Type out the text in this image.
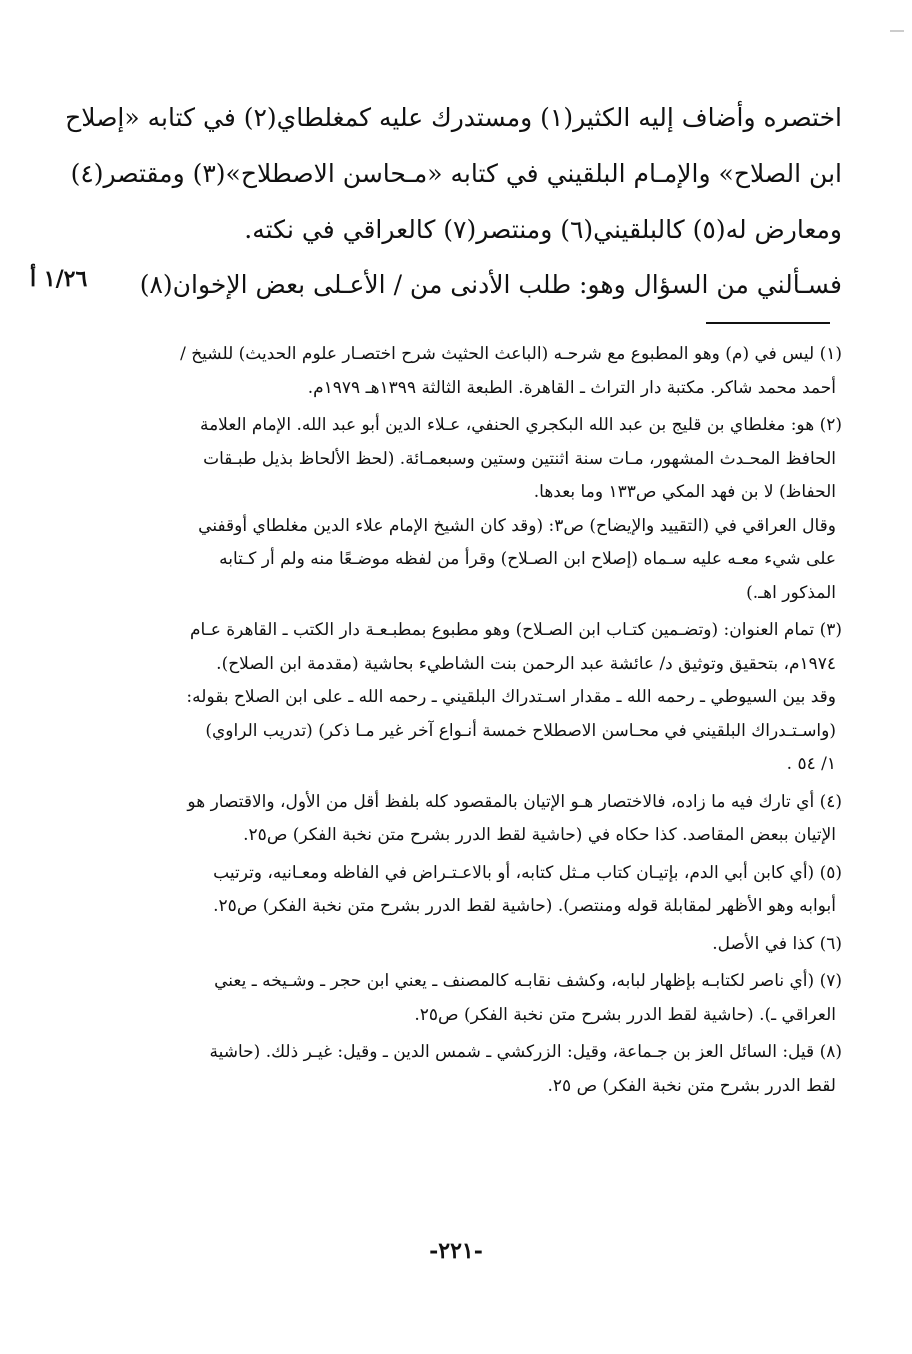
اختصره وأضاف إليه الكثير(١) ومستدرك عليه كمغلطاي(٢) في كتابه «إصلاح
ابن الصلاح» والإمـام البلقيني في كتابه «مـحاسن الاصطلاح»(٣) ومقتصر(٤)
ومعارض له(٥) كالبلقيني(٦) ومنتصر(٧) كالعراقي في نكته.
فسـألني من السؤال وهو: طلب الأدنى من / الأعـلى بعض الإخوان(٨)
١/٢٦ أ
(١) ليس في (م) وهو المطبوع مع شرحـه (الباعث الحثيث شرح اختصـار علوم الحديث) للشيخ /
أحمد محمد شاكر. مكتبة دار التراث ـ القاهرة. الطبعة الثالثة ١٣٩٩هـ ١٩٧٩م.
(٢) هو: مغلطاي بن قليج بن عبد الله البكجري الحنفي، عـلاء الدين أبو عبد الله. الإمام العلامة
الحافظ المحـدث المشهور، مـات سنة اثنتين وستين وسبعمـائة. (لحظ الألحاظ بذيل طبـقات
الحفاظ) لا بن فهد المكي ص١٣٣ وما بعدها.
وقال العراقي في (التقييد والإيضاح) ص٣: (وقد كان الشيخ الإمام علاء الدين مغلطاي أوقفني
على شيء معـه عليه سـماه (إصلاح ابن الصـلاح) وقرأ من لفظه موضـعًا منه ولم أر كـتابه
المذكور اهـ.)
(٣) تمام العنوان: (وتضـمين كتـاب ابن الصـلاح) وهو مطبوع بمطبـعـة دار الكتب ـ القاهرة عـام
١٩٧٤م، بتحقيق وتوثيق د/ عائشة عبد الرحمن بنت الشاطيء بحاشية (مقدمة ابن الصلاح).
وقد بين السيوطي ـ رحمه الله ـ مقدار اسـتدراك البلقيني ـ رحمه الله ـ على ابن الصلاح بقوله:
(واسـتـدراك البلقيني في محـاسن الاصطلاح خمسة أنـواع آخر غير مـا ذكر) (تدريب الراوي)
١/ ٥٤ .
(٤) أي تارك فيه ما زاده، فالاختصار هـو الإتيان بالمقصود كله بلفظ أقل من الأول، والاقتصار هو
الإتيان ببعض المقاصد. كذا حكاه في (حاشية لقط الدرر بشرح متن نخبة الفكر) ص٢٥.
(٥) (أي كابن أبي الدم، بإتيـان كتاب مـثل كتابه، أو بالاعـتـراض في الفاظه ومعـانيه، وترتيب
أبوابه وهو الأظهر لمقابلة قوله ومنتصر). (حاشية لقط الدرر بشرح متن نخبة الفكر) ص٢٥.
(٦) كذا في الأصل.
(٧) (أي ناصر لكتابـه بإظهار لبابه، وكشف نقابـه كالمصنف ـ يعني ابن حجر ـ وشـيخه ـ يعني
العراقي ـ). (حاشية لقط الدرر بشرح متن نخبة الفكر) ص٢٥.
(٨) قيل: السائل العز بن جـماعة، وقيل: الزركشي ـ شمس الدين ـ وقيل: غيـر ذلك. (حاشية
لقط الدرر بشرح متن نخبة الفكر) ص ٢٥.
-٢٢١-
